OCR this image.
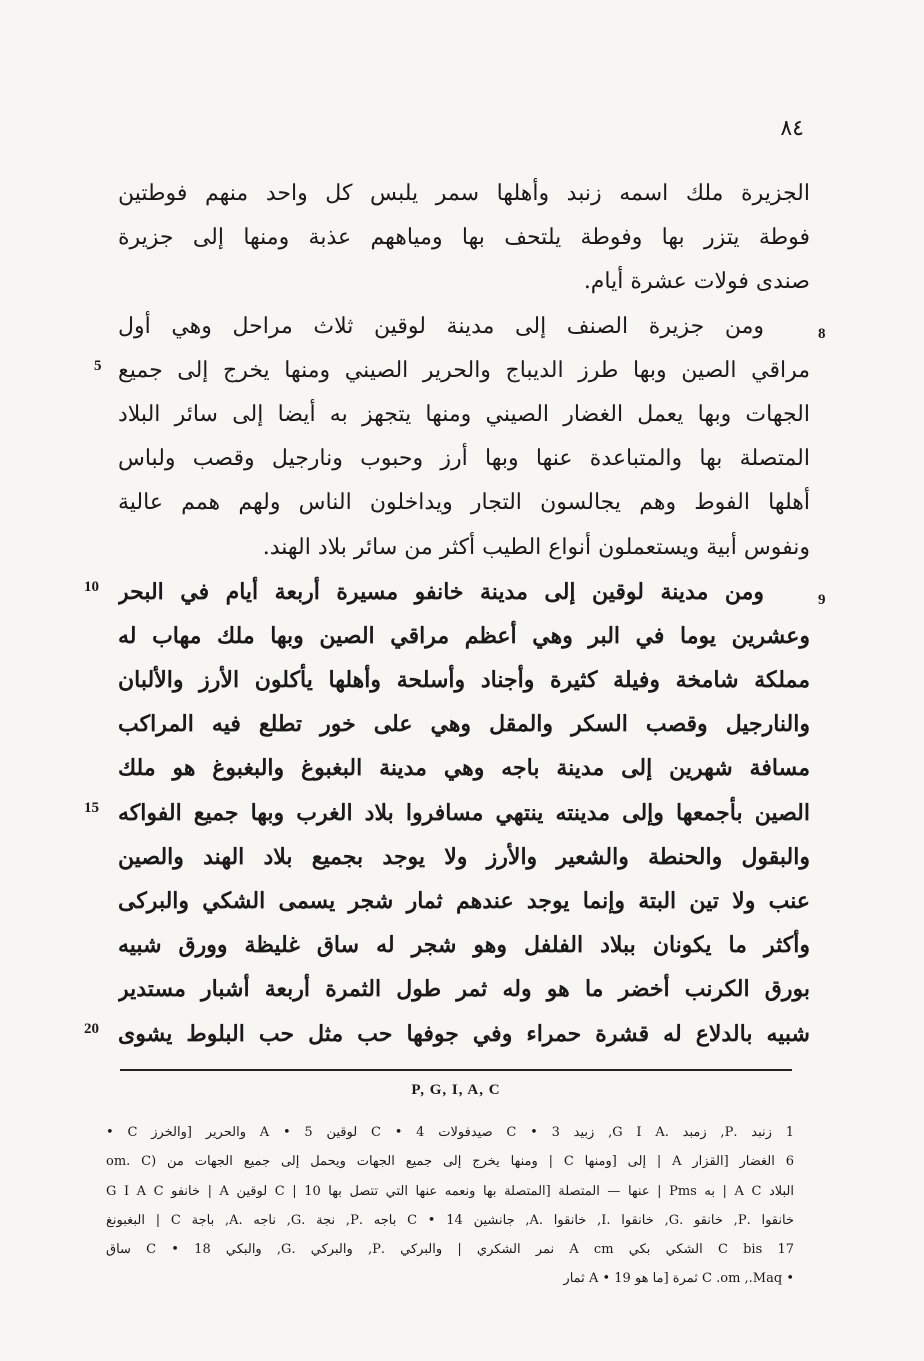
٨٤
الجزيرة ملك اسمه زنبد وأهلها سمر يلبس كل واحد منهم فوطتين
فوطة يتزر بها وفوطة يلتحف بها ومياههم عذبة ومنها إلى جزيرة
صندى فولات عشرة أيام.
ومن جزيرة الصنف إلى مدينة لوقين ثلاث مراحل وهي أول
مراقي الصين وبها طرز الديباج والحرير الصيني ومنها يخرج إلى جميع
الجهات وبها يعمل الغضار الصيني ومنها يتجهز به أيضا إلى سائر البلاد
المتصلة بها والمتباعدة عنها وبها أرز وحبوب ونارجيل وقصب ولباس
أهلها الفوط وهم يجالسون التجار ويداخلون الناس ولهم همم عالية
ونفوس أبية ويستعملون أنواع الطيب أكثر من سائر بلاد الهند.
ومن مدينة لوقين إلى مدينة خانفو مسيرة أربعة أيام في البحر
وعشرين يوما في البر وهي أعظم مراقي الصين وبها ملك مهاب له
مملكة شامخة وفيلة كثيرة وأجناد وأسلحة وأهلها يأكلون الأرز والألبان
والنارجيل وقصب السكر والمقل وهي على خور تطلع فيه المراكب
مسافة شهرين إلى مدينة باجه وهي مدينة البغبوغ والبغبوغ هو ملك
الصين بأجمعها وإلى مدينته ينتهي مسافروا بلاد الغرب وبها جميع الفواكه
والبقول والحنطة والشعير والأرز ولا يوجد بجميع بلاد الهند والصين
عنب ولا تين البتة وإنما يوجد عندهم ثمار شجر يسمى الشكي والبركى
وأكثر ما يكونان ببلاد الفلفل وهو شجر له ساق غليظة وورق شبيه
بورق الكرنب أخضر ما هو وله ثمر طول الثمرة أربعة أشبار مستدير
شبيه بالدلاع له قشرة حمراء وفي جوفها حب مثل حب البلوط يشوى
8
9
5
10
15
20
P, G, I, A, C
1 زنبد .P, زمبد .G I A, زبيد C • 3 صيدفولات C • 4 لوقين A • 5 والحرير [والخرز C •
6 الغضار [القزار A | إلى [ومنها C | ومنها يخرج إلى جميع الجهات ويحمل إلى جميع الجهات من (om. C
البلاد A C | به Pms | عنها — المتصلة [المتصلة بها ونعمه عنها التي تتصل بها C | 10 لوقين A | خانفو G I A C
خانقوا .P, خانقو .G, خانقوا .I, خانقوا .A, جانشين C • 14 باجه .P, نجة .G, ناجه .A, باجة C | البغبونغ
17 C bis الشكي بكي A cm نمر الشكري | والبركي .P, والبركي .G, والبكي C • 18 ساق
• C .om ,.Maq ثمرة [ما هو A • 19 ثمار
